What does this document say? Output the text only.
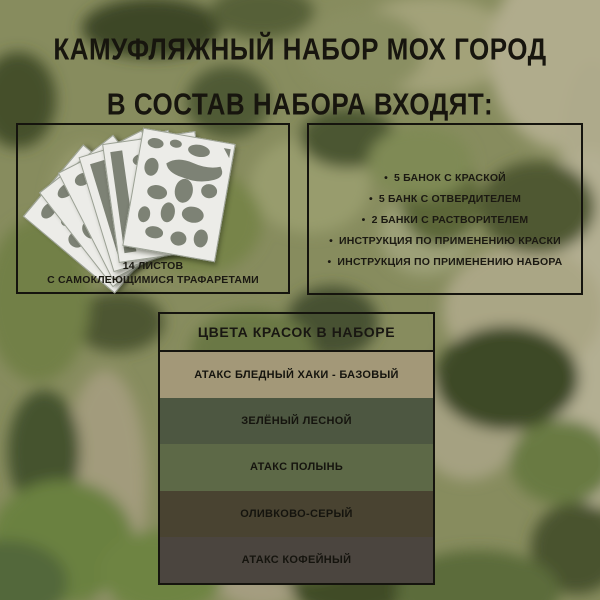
КАМУФЛЯЖНЫЙ НАБОР МОХ ГОРОД
В СОСТАВ НАБОРА ВХОДЯТ:
14 ЛИСТОВ
С САМОКЛЕЮЩИМИСЯ ТРАФАРЕТАМИ
• 5 БАНОК С КРАСКОЙ
• 5 БАНК С ОТВЕРДИТЕЛЕМ
• 2 БАНКИ С РАСТВОРИТЕЛЕМ
• ИНСТРУКЦИЯ ПО ПРИМЕНЕНИЮ КРАСКИ
• ИНСТРУКЦИЯ ПО ПРИМЕНЕНИЮ НАБОРА
ЦВЕТА КРАСОК В НАБОРЕ
АТАКС БЛЕДНЫЙ ХАКИ - БАЗОВЫЙ
ЗЕЛЁНЫЙ ЛЕСНОЙ
АТАКС ПОЛЫНЬ
ОЛИВКОВО-СЕРЫЙ
АТАКС КОФЕЙНЫЙ
